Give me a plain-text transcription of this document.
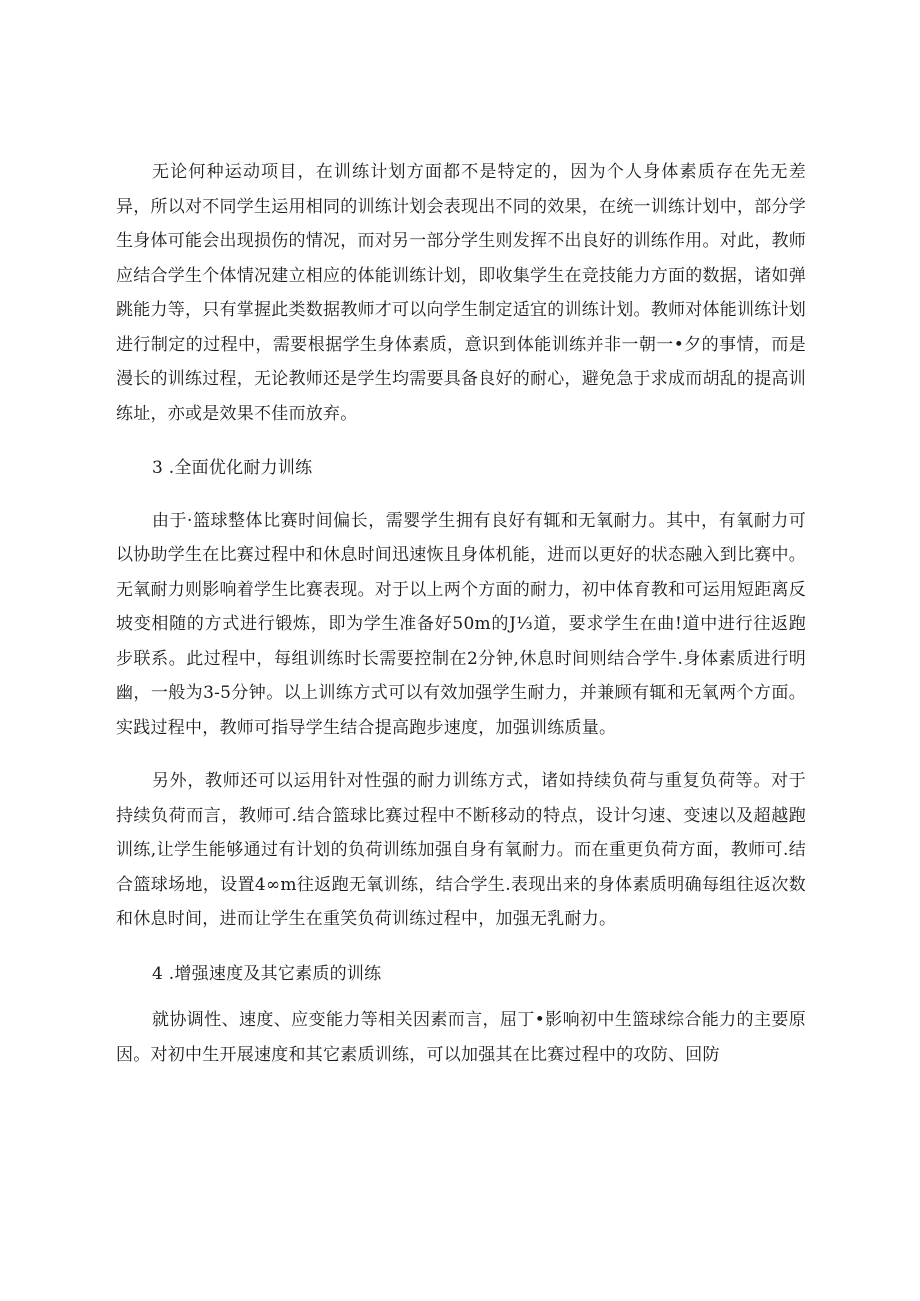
无论何种运动项目，在训练计划方面都不是特定的，因为个人身体素质存在先无差异，所以对不同学生运用相同的训练计划会表现出不同的效果，在统一训练计划中，部分学生身体可能会出现损伤的情况，而对另一部分学生则发挥不出良好的训练作用。对此，教师应结合学生个体情况建立相应的体能训练计划，即收集学生在竞技能力方面的数据，诸如弹跳能力等，只有掌握此类数据教师才可以向学生制定适宜的训练计划。教师对体能训练计划进行制定的过程中，需要根据学生身体素质，意识到体能训练并非一朝一•夕的事情，而是漫长的训练过程，无论教师还是学生均需要具备良好的耐心，避免急于求成而胡乱的提高训练址，亦或是效果不佳而放弃。

3 .全面优化耐力训练

由于·篮球整体比赛时间偏长，需婴学生拥有良好有辄和无氧耐力。其中，有氧耐力可以协助学生在比赛过程中和休息时间迅速恢且身体机能，进而以更好的状态融入到比赛中。无氧耐力则影响着学生比赛表现。对于以上两个方面的耐力，初中体育教和可运用短距离反坡变相随的方式进行锻炼，即为学生准备好50m的J⅓道，要求学生在曲!道中进行往返跑步联系。此过程中，每组训练时长需要控制在2分钟,休息时间则结合学牛.身体素质进行明幽，一般为3-5分钟。以上训练方式可以有效加强学生耐力，并兼顾有辄和无氧两个方面。实践过程中，教师可指导学生结合提高跑步速度，加强训练质量。

另外，教师还可以运用针对性强的耐力训练方式，诸如持续负荷与重复负荷等。对于持续负荷而言，教师可.结合篮球比赛过程中不断移动的特点，设计匀速、变速以及超越跑训练,让学生能够通过有计划的负荷训练加强自身有氧耐力。而在重更负荷方面，教师可.结合篮球场地，设置4∞m往返跑无氧训练，结合学生.表现出来的身体素质明确每组往返次数和休息时间，进而让学生在重笑负荷训练过程中，加强无乳耐力。

4 .增强速度及其它素质的训练

就协调性、速度、应变能力等相关因素而言，屈丁•影响初中生篮球综合能力的主要原因。对初中生开展速度和其它素质训练，可以加强其在比赛过程中的攻防、回防
